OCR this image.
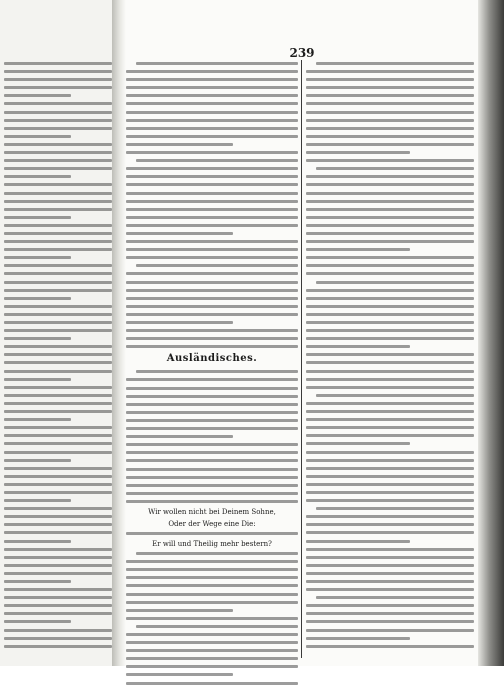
239
Ausländisches.
Wir wollen nicht bei Deinem Sohne,
Oder der Wege eine Die:
Er will und Theilig mehr bestern?
